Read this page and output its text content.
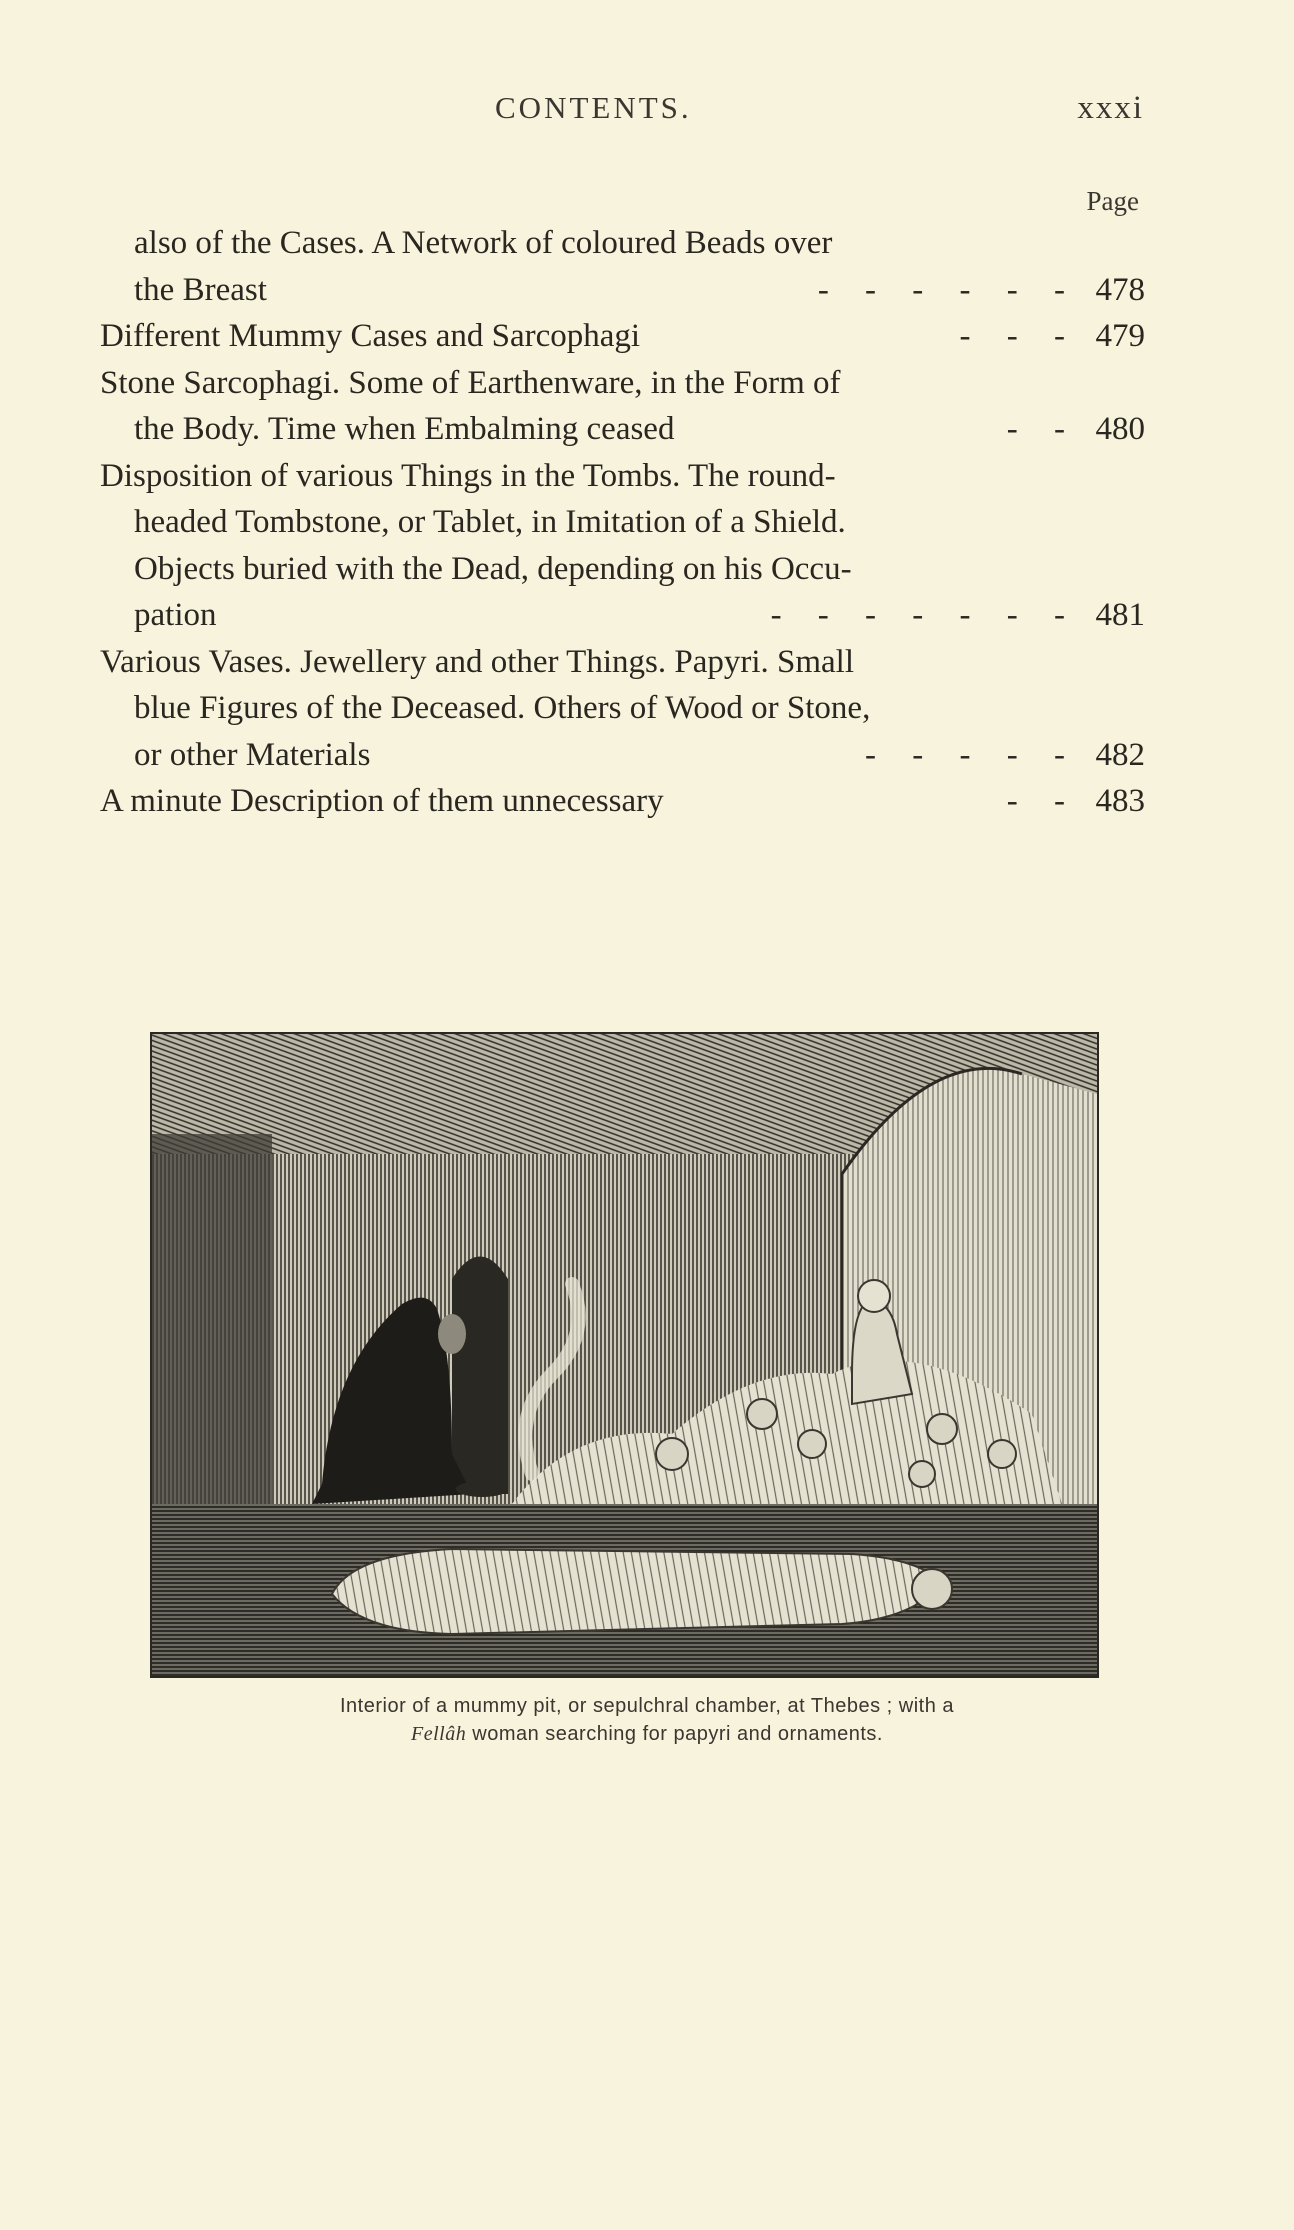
CONTENTS.	xxxi
Page
also of the Cases. A Network of coloured Beads over
the Breast	- - - - - - 478
Different Mummy Cases and Sarcophagi	- - - 479
Stone Sarcophagi. Some of Earthenware, in the Form of
the Body. Time when Embalming ceased	- - 480
Disposition of various Things in the Tombs. The round-
headed Tombstone, or Tablet, in Imitation of a Shield.
Objects buried with the Dead, depending on his Occu-
pation	- - - - - - - 481
Various Vases. Jewellery and other Things. Papyri. Small
blue Figures of the Deceased. Others of Wood or Stone,
or other Materials	- - - - - 482
A minute Description of them unnecessary	- - 483
Interior of a mummy pit, or sepulchral chamber, at Thebes ; with a
Fellâh woman searching for papyri and ornaments.
